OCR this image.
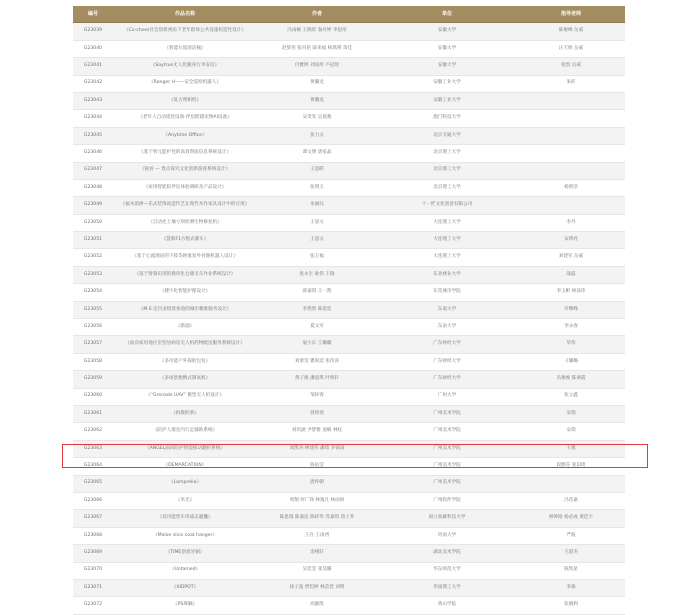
编号	作品名称	作者	单位	指导老师
G23039	《Co-chess社会创新视角下老年群体公共设施构造性设计》	冯雨桐 王晓彤 秦丹婷 李思彤	安徽大学	陈俊峰 岳威
G23040	《智能垃圾清洁桶》	赵梦茜 张闪伦 薛来福 杨琪瑛 余佳	安徽大学	汪天娇 岳威
G23041	《Saytrue无人化随身行李安培》	付雅婷 刘雨彤 卢冠瑶	安徽大学	张凯 岳威
G23042	《Ranger H——安全巡检机器人》	黄璐龙	安徽工业大学	朱旺
G23043	《复古照相机》	黄璐龙	安徽工业大学	
G23044	《老年人自动遥控设备-伴侣跨越宠物AI设备》	吴雯雯 吴晨燕	澳门科技大学	
G23045	《Anytime Office》	张力文	北京交通大学	
G23046	《基于智元能护性的高效资质信息系统设计》	谭文博 唐家晶	北京理工大学	
G23047	《锐看 — 景点探究文化创新游客系统设计》	王思皓	北京理工大学	
G23048	《家用智能陪伴仪体验调研及产品设计》	张明玉	北京理工大学	杨智浩
G23049	《福木韵律—乐式装饰而造传艺在现代木作家具设计中的应用》	朱丽珏	十一匠文化创意有限公司	
G23050	《自动化土壤亏刻检测生物修复机》	王思文	大连理工大学	李丹
G23051	《慧新F1方程式赛车》	王思文	大连理工大学	宋明亮
G23052	《基于心流理论的下肢等距康复外骨骼机器人设计》	张万福	大连理工大学	刘建军 岳威
G23053	《基于射频识别的模块化仓储叉车作业系统设计》	张永生 耿伟 王瑞	东北林业大学	战磊
G23054	《楼宇化智能护理设计》	薛嘉琪 王一凯	东莞城市学院	李玉彬 林泽玮
G23055	《M.S.室内多情景体验的城市精准服务设计》	李然然 陈思廷	东南大学	许继峰
G23056	《新剧》	夏文可	东南大学	李永春
G23057	《面向家用地区室型居病房无人机药物配送服务系统设计》	晏小东 王璐璐	广东财经大学	华伟
G23058	《多功能户外探险包包》	刘蕾莹 瞿锐奕 张伟涛	广东财经大学	刁璐璐
G23059	《多场景便携式制氧机》	黄子俊 潘思琪 叶明轩	广东财经大学	冯俊俊 陈翠霞
G23060	《“Grenade UAV” 微型无人机设计》	邹梓春	广州大学	张立鑫
G23061	《拆散的茶》	曾梓瑶	广州美术学院	安瑞
G23062	《陪护人群室内行走辅助系统》	刘芮涵 尹梦雅 姜楠 林柱	广州美术学院	安瑞
G23063	《ANGEL面向陪护智能移动翻折系统》	刘凯涛 林建伟 潘琦 李锦雨	广州美术学院	王澳
G23064	《DEMARCATION》	陈佑莹	广州美术学院	段颢芬 张旧琦
G23065	《Lamprelia》	唐梓朝	广州美术学院	
G23066	《米光》	周翔 何广铮 林逸凡 林雨妍	广州软件学院	冯苗嘉
G23067	《双功能型车用战击避囊》	陈思漫 陈嘉昆 陈梓华 苏嘉琪 唐子乔	国立高雄科技大学	林钟阳 杨必成 黄佳宇
G23068	《Melon slice coat hanger》	王存 王雨西	河南大学	严波
G23069	《TIME创意牙刷》	余栩轩	湖北美术学院	王湛杰
G23070	《Untamed》	吴佳莹 张昊璐	华东师范大学	陈凯星
G23071	《XIDPOT》	徐子盈 贾钧婷 林芸萱 刘明	华南理工大学	李森
G23072	《PS珠触》	高静凯	黄山学院	张晓利
